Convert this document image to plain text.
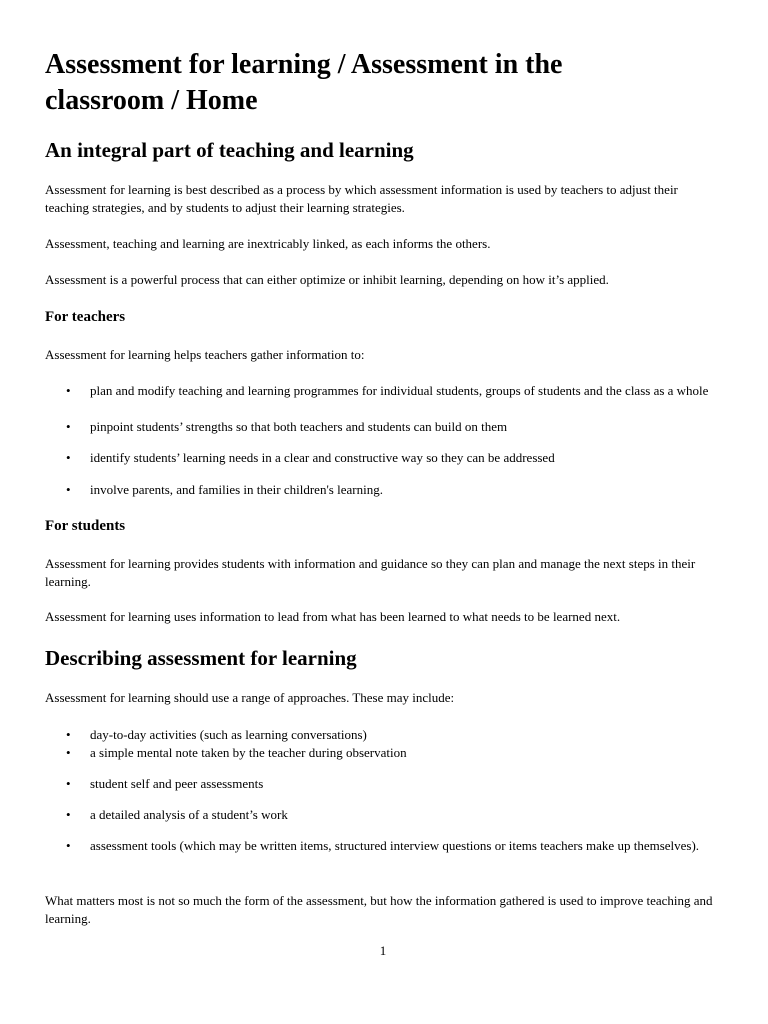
Assessment for learning / Assessment in the classroom / Home
An integral part of teaching and learning

Assessment for learning is best described as a process by which assessment information is used by teachers to adjust their teaching strategies, and by students to adjust their learning strategies.

Assessment, teaching and learning are inextricably linked, as each informs the others.

Assessment is a powerful process that can either optimize or inhibit learning, depending on how it’s applied.

For teachers

Assessment for learning helps teachers gather information to:

• plan and modify teaching and learning programmes for individual students, groups of students and the class as a whole
• pinpoint students’ strengths so that both teachers and students can build on them
• identify students’ learning needs in a clear and constructive way so they can be addressed
• involve parents, and families in their children's learning.
For students

Assessment for learning provides students with information and guidance so they can plan and manage the next steps in their learning.

Assessment for learning uses information to lead from what has been learned to what needs to be learned next.

Describing assessment for learning

Assessment for learning should use a range of approaches. These may include:

• day-to-day activities (such as learning conversations)
• a simple mental note taken by the teacher during observation
• student self and peer assessments
• a detailed analysis of a student’s work
• assessment tools (which may be written items, structured interview questions or items teachers make up themselves).

What matters most is not so much the form of the assessment, but how the information gathered is used to improve teaching and learning.

1
